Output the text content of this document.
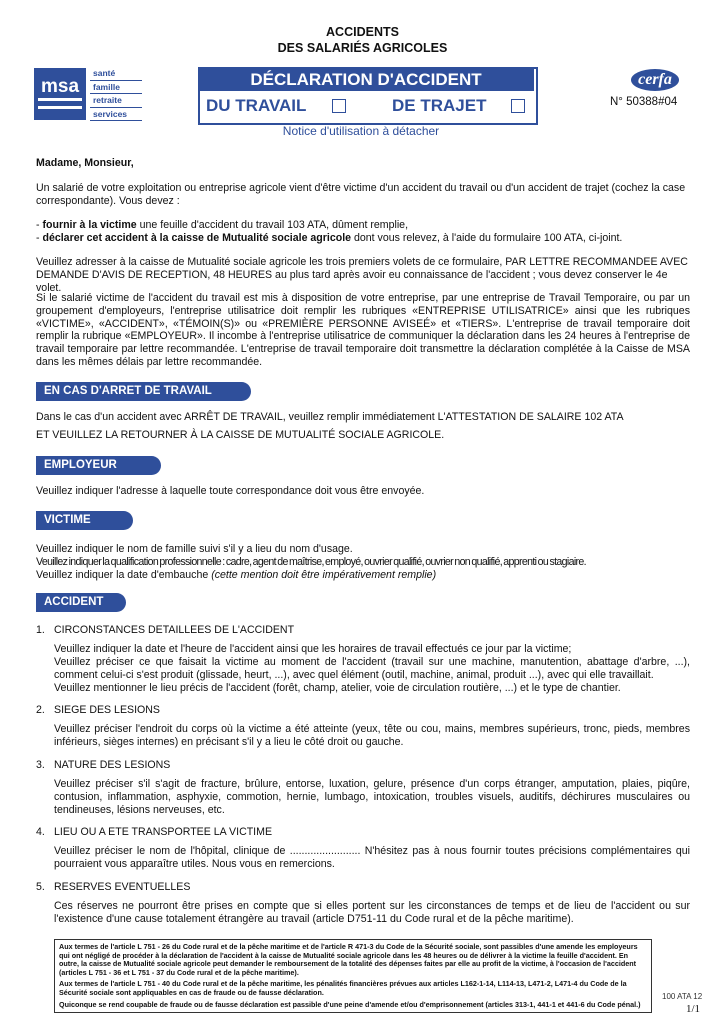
ACCIDENTS
DES SALARIÉS AGRICOLES
msa
santé
famille
retraite
services
DÉCLARATION D'ACCIDENT
DU TRAVAIL	DE TRAJET
cerfa
N° 50388#04
Notice d'utilisation à détacher
Madame, Monsieur,
Un salarié de votre exploitation ou entreprise agricole vient d'être victime d'un accident du travail ou d'un accident de trajet (cochez la case correspondante). Vous devez :
- fournir à la victime une feuille d'accident du travail 103 ATA, dûment remplie,
- déclarer cet accident à la caisse de Mutualité sociale agricole dont vous relevez, à l'aide du formulaire 100 ATA, ci-joint.
Veuillez adresser à la caisse de Mutualité sociale agricole les trois premiers volets de ce formulaire, PAR LETTRE RECOMMANDEE AVEC DEMANDE D'AVIS DE RECEPTION, 48 HEURES au plus tard après avoir eu connaissance de l'accident ; vous devez conserver le 4e volet.
Si le salarié victime de l'accident du travail est mis à disposition de votre entreprise, par une entreprise de Travail Temporaire, ou par un groupement d'employeurs, l'entreprise utilisatrice doit remplir les rubriques «ENTREPRISE UTILISATRICE» ainsi que les rubriques «VICTIME», «ACCIDENT», «TÉMOIN(S)» ou «PREMIÈRE PERSONNE AVISEÉ» et «TIERS». L'entreprise de travail temporaire doit remplir la rubrique «EMPLOYEUR». Il incombe à l'entreprise utilisatrice de communiquer la déclaration dans les 24 heures à l'entreprise de travail temporaire par lettre recommandée. L'entreprise de travail temporaire doit transmettre la déclaration complétée à la Caisse de MSA dans les mêmes délais par lettre recommandée.
EN CAS D'ARRET DE TRAVAIL
Dans le cas d'un accident avec ARRÊT DE TRAVAIL, veuillez remplir immédiatement L'ATTESTATION DE SALAIRE 102 ATA
ET VEUILLEZ LA RETOURNER À LA CAISSE DE MUTUALITÉ SOCIALE AGRICOLE.
EMPLOYEUR
Veuillez indiquer l'adresse à laquelle toute correspondance doit vous être envoyée.
VICTIME
Veuillez indiquer le nom de famille suivi s'il y a lieu du nom d'usage.
Veuillez indiquer la qualification professionnelle : cadre, agent de maîtrise, employé, ouvrier qualifié, ouvrier non qualifié, apprenti ou stagiaire.
Veuillez indiquer la date d'embauche (cette mention doit être impérativement remplie)
ACCIDENT
1. CIRCONSTANCES DETAILLEES DE L'ACCIDENT
Veuillez indiquer la date et l'heure de l'accident ainsi que les horaires de travail effectués ce jour par la victime;
Veuillez préciser ce que faisait la victime au moment de l'accident (travail sur une machine, manutention, abattage d'arbre, ...), comment celui-ci s'est produit (glissade, heurt, ...), avec quel élément (outil, machine, animal, produit ...), avec qui elle travaillait.
Veuillez mentionner le lieu précis de l'accident (forêt, champ, atelier, voie de circulation routière, ...) et le type de chantier.
2. SIEGE DES LESIONS
Veuillez préciser l'endroit du corps où la victime a été atteinte (yeux, tête ou cou, mains, membres supérieurs, tronc, pieds, membres inférieurs, sièges internes) en précisant s'il y a lieu le côté droit ou gauche.
3. NATURE DES LESIONS
Veuillez préciser s'il s'agit de fracture, brûlure, entorse, luxation, gelure, présence d'un corps étranger, amputation, plaies, piqûre, contusion, inflammation, asphyxie, commotion, hernie, lumbago, intoxication, troubles visuels, auditifs, déchirures musculaires ou tendineuses, lésions nerveuses, etc.
4. LIEU OU A ETE TRANSPORTEE LA VICTIME
Veuillez préciser le nom de l'hôpital, clinique de ........................ N'hésitez pas à nous fournir toutes précisions complémentaires qui pourraient vous apparaître utiles. Nous vous en remercions.
5. RESERVES EVENTUELLES
Ces réserves ne pourront être prises en compte que si elles portent sur les circonstances de temps et de lieu de l'accident ou sur l'existence d'une cause totalement étrangère au travail (article D751-11 du Code rural et de la pêche maritime).

Aux termes de l'article L 751 - 26 du Code rural et de la pêche maritime et de l'article R 471-3 du Code de la Sécurité sociale, sont passibles d'une amende les employeurs qui ont négligé de procéder à la déclaration de l'accident à la caisse de Mutualité sociale agricole dans les 48 heures ou de délivrer à la victime la feuille d'accident. En outre, la caisse de Mutualité sociale agricole peut demander le remboursement de la totalité des dépenses faites par elle au profit de la victime, à l'occasion de l'accident (articles L 751 - 36 et L 751 - 37 du Code rural et de la pêche maritime).

Aux termes de l'article L 751 - 40 du Code rural et de la pêche maritime, les pénalités financières prévues aux articles L162-1-14, L114-13, L471-2, L471-4 du Code de la Sécurité sociale sont appliquables en cas de fraude ou de fausse déclaration.

Quiconque se rend coupable de fraude ou de fausse déclaration est passible d'une peine d'amende et/ou d'emprisonnement (articles 313-1, 441-1 et 441-6 du Code pénal.)

100 ATA 12
1/1
